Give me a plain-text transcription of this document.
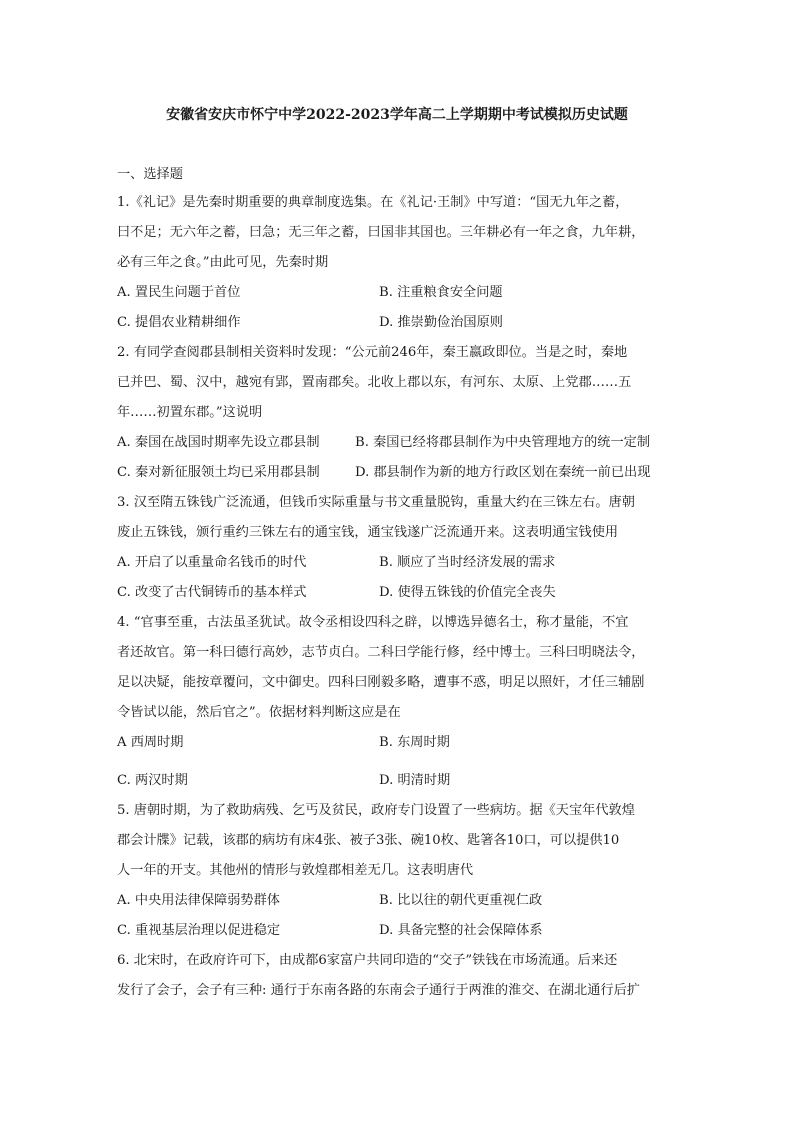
安徽省安庆市怀宁中学2022-2023学年高二上学期期中考试模拟历史试题
一、选择题
1.《礼记》是先秦时期重要的典章制度选集。在《礼记·王制》中写道：“国无九年之蓄，
曰不足；无六年之蓄，曰急；无三年之蓄，曰国非其国也。三年耕必有一年之食，九年耕，
必有三年之食。”由此可见，先秦时期
A. 置民生问题于首位	B. 注重粮食安全问题
C. 提倡农业精耕细作	D. 推崇勤俭治国原则
2. 有同学查阅郡县制相关资料时发现：“公元前246年，秦王嬴政即位。当是之时，秦地
已并巴、蜀、汉中，越宛有郢，置南郡矣。北收上郡以东，有河东、太原、上党郡……五
年……初置东郡。”这说明
A. 秦国在战国时期率先设立郡县制	B. 秦国已经将郡县制作为中央管理地方的统一定制
C. 秦对新征服领土均已采用郡县制	D. 郡县制作为新的地方行政区划在秦统一前已出现
3. 汉至隋五铢钱广泛流通，但钱币实际重量与书文重量脱钩，重量大约在三铢左右。唐朝
废止五铢钱，颁行重约三铢左右的通宝钱，通宝钱遂广泛流通开来。这表明通宝钱使用
A. 开启了以重量命名钱币的时代	B. 顺应了当时经济发展的需求
C. 改变了古代铜铸币的基本样式	D. 使得五铢钱的价值完全丧失
4. “官事至重，古法虽圣犹试。故令丞相设四科之辟，以博选异德名士，称才量能，不宜
者还故官。第一科曰德行高妙，志节贞白。二科曰学能行修，经中博士。三科曰明晓法令，
足以决疑，能按章覆问，文中御史。四科曰刚毅多略，遭事不惑，明足以照奸，才任三辅剧
令皆试以能，然后官之”。依据材料判断这应是在
A 西周时期	B. 东周时期
C. 两汉时期	D. 明清时期
5. 唐朝时期，为了救助病残、乞丐及贫民，政府专门设置了一些病坊。据《天宝年代敦煌
郡会计牒》记载，该郡的病坊有床4张、被子3张、碗10枚、匙箸各10口，可以提供10
人一年的开支。其他州的情形与敦煌郡相差无几。这表明唐代
A. 中央用法律保障弱势群体	B. 比以往的朝代更重视仁政
C. 重视基层治理以促进稳定	D. 具备完整的社会保障体系
6. 北宋时，在政府许可下，由成都6家富户共同印造的“交子”铁钱在市场流通。后来还
发行了会子，会子有三种: 通行于东南各路的东南会子通行于两淮的淮交、在湖北通行后扩
